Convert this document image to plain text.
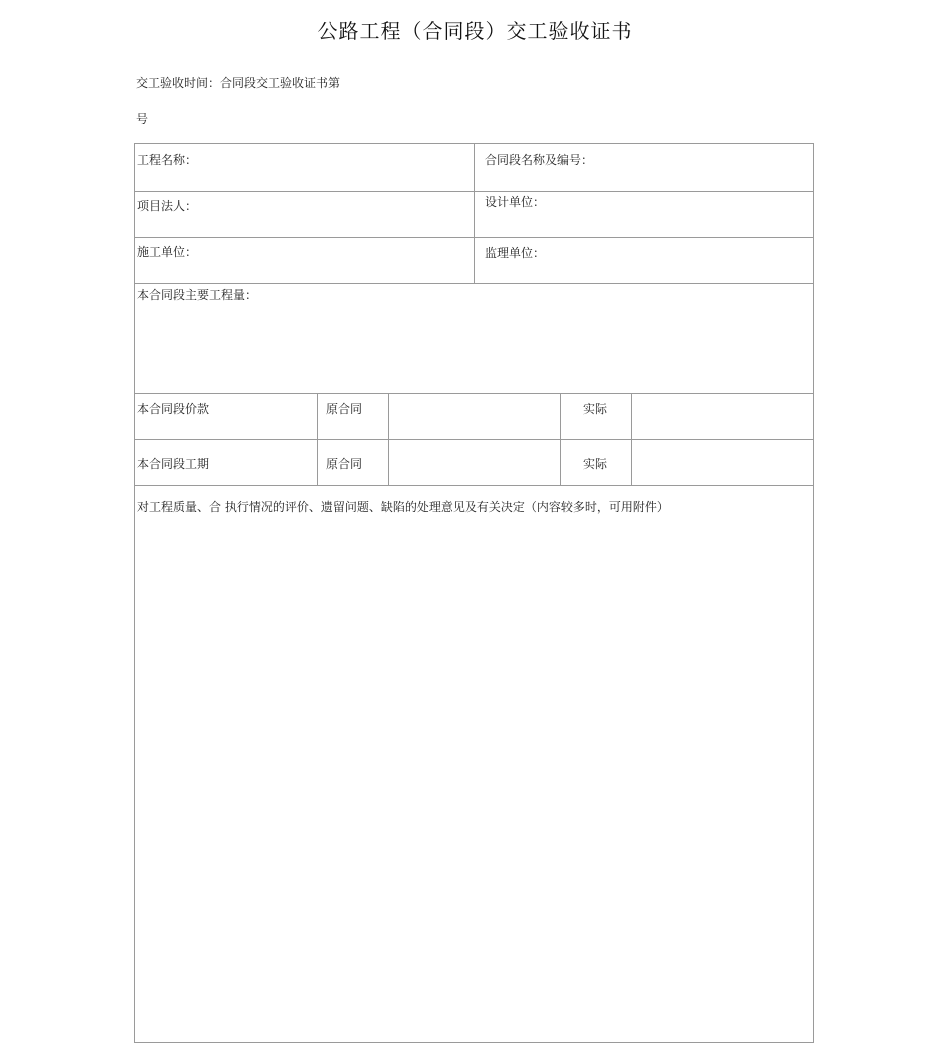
公路工程（合同段）交工验收证书
交工验收时间：合同段交工验收证书第
号
工程名称：	合同段名称及编号：
项目法人：	设计单位：
施工单位：	监理单位：
本合同段主要工程量：
本合同段价款	原合同	实际
本合同段工期	原合同	实际
对工程质量、合 执行情况的评价、遗留问题、缺陷的处理意见及有关决定（内容较多时，可用附件）
